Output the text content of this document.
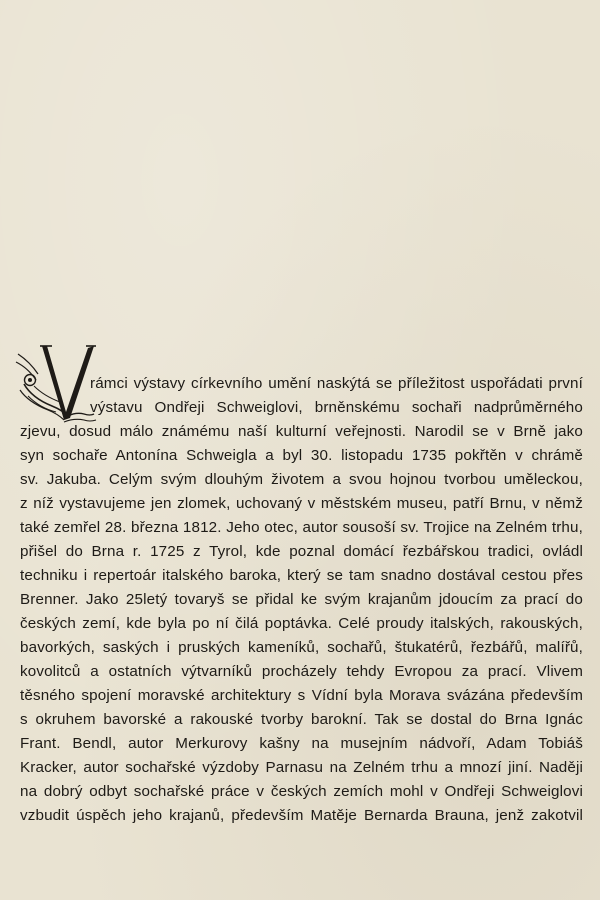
rámci výstavy církevního umění naskýtá se příležitost uspořádati první
výstavu Ondřeji Schweiglovi, brněnskému sochaři nadprůměrného
zjevu, dosud málo známému naší kulturní veřejnosti. Narodil se v Brně jako
syn sochaře Antonína Schweigla a byl 30. listopadu 1735 pokřtěn v chrámě
sv. Jakuba. Celým svým dlouhým životem a svou hojnou tvorbou uměleckou,
z níž vystavujeme jen zlomek, uchovaný v městském museu, patří Brnu, v němž
také zemřel 28. března 1812. Jeho otec, autor sousoší sv. Trojice na Zelném trhu,
přišel do Brna r. 1725 z Tyrol, kde poznal domácí řezbářskou tradici, ovládl
techniku i repertoár italského baroka, který se tam snadno dostával cestou přes
Brenner. Jako 25letý tovaryš se přidal ke svým krajanům jdoucím za prací do
českých zemí, kde byla po ní čilá poptávka. Celé proudy italských, rakouských,
bavorkých, saských i pruských kameníků, sochařů, štukatérů, řezbářů, malířů,
kovolitců a ostatních výtvarníků procházely tehdy Evropou za prací. Vlivem
těsného spojení moravské architektury s Vídní byla Morava svázána především
s okruhem bavorské a rakouské tvorby barokní. Tak se dostal do Brna Ignác
Frant. Bendl, autor Merkurovy kašny na musejním nádvoří, Adam Tobiáš
Kracker, autor sochařské výzdoby Parnasu na Zelném trhu a mnozí jiní. Naději
na dobrý odbyt sochařské práce v českých zemích mohl v Ondřeji Schweiglovi
vzbudit úspěch jeho krajanů, především Matěje Bernarda Brauna, jenž zakotvil
